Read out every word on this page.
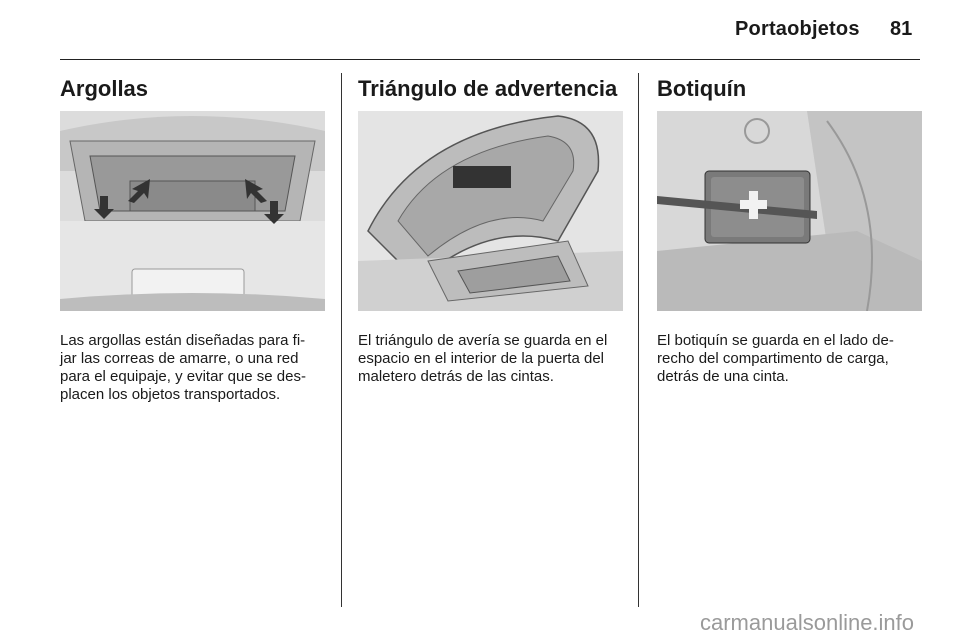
Portaobjetos 81
Argollas

Las argollas están diseñadas para fi-
jar las correas de amarre, o una red
para el equipaje, y evitar que se des-
placen los objetos transportados.

Triángulo de advertencia

El triángulo de avería se guarda en el
espacio en el interior de la puerta del
maletero detrás de las cintas.

Botiquín

El botiquín se guarda en el lado de-
recho del compartimento de carga,
detrás de una cinta.

carmanualsonline.info
